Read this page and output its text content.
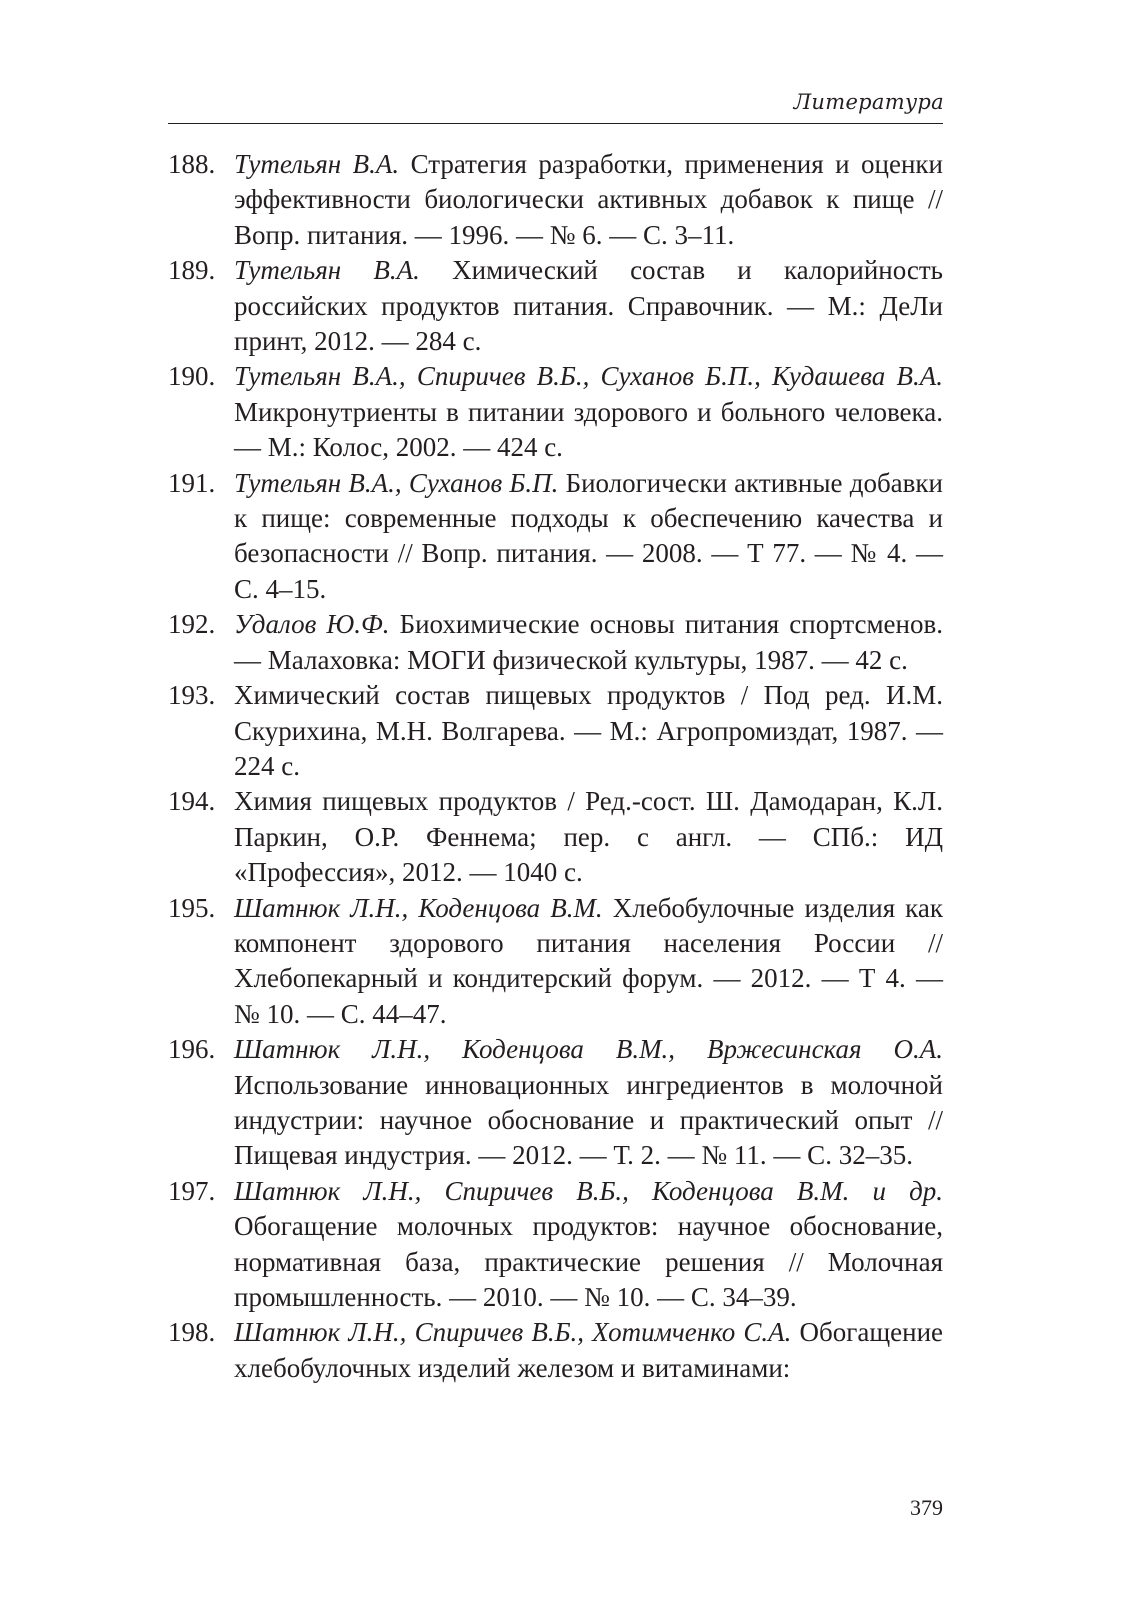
Литература
188. Тутельян В.А. Стратегия разработки, применения и оценки эффективности биологически активных добавок к пище // Вопр. питания. — 1996. — № 6. — С. 3–11.
189. Тутельян В.А. Химический состав и калорийность российских продуктов питания. Справочник. — М.: ДеЛи принт, 2012. — 284 с.
190. Тутельян В.А., Спиричев В.Б., Суханов Б.П., Кудашева В.А. Микронутриенты в питании здорового и больного человека. — М.: Колос, 2002. — 424 с.
191. Тутельян В.А., Суханов Б.П. Биологически активные добавки к пище: современные подходы к обеспечению качества и безопасности // Вопр. питания. — 2008. — Т 77. — № 4. — С. 4–15.
192. Удалов Ю.Ф. Биохимические основы питания спортсменов. — Малаховка: МОГИ физической культуры, 1987. — 42 с.
193. Химический состав пищевых продуктов / Под ред. И.М. Скурихина, М.Н. Волгарева. — М.: Агропромиздат, 1987. — 224 с.
194. Химия пищевых продуктов / Ред.-сост. Ш. Дамодаран, К.Л. Паркин, О.Р. Феннема; пер. с англ. — СПб.: ИД «Профессия», 2012. — 1040 с.
195. Шатнюк Л.Н., Коденцова В.М. Хлебобулочные изделия как компонент здорового питания населения России // Хлебопекарный и кондитерский форум. — 2012. — Т 4. — № 10. — С. 44–47.
196. Шатнюк Л.Н., Коденцова В.М., Вржесинская О.А. Использование инновационных ингредиентов в молочной индустрии: научное обоснование и практический опыт // Пищевая индустрия. — 2012. — Т. 2. — № 11. — С. 32–35.
197. Шатнюк Л.Н., Спиричев В.Б., Коденцова В.М. и др. Обогащение молочных продуктов: научное обоснование, нормативная база, практические решения // Молочная промышленность. — 2010. — № 10. — С. 34–39.
198. Шатнюк Л.Н., Спиричев В.Б., Хотимченко С.А. Обогащение хлебобулочных изделий железом и витаминами:
379
